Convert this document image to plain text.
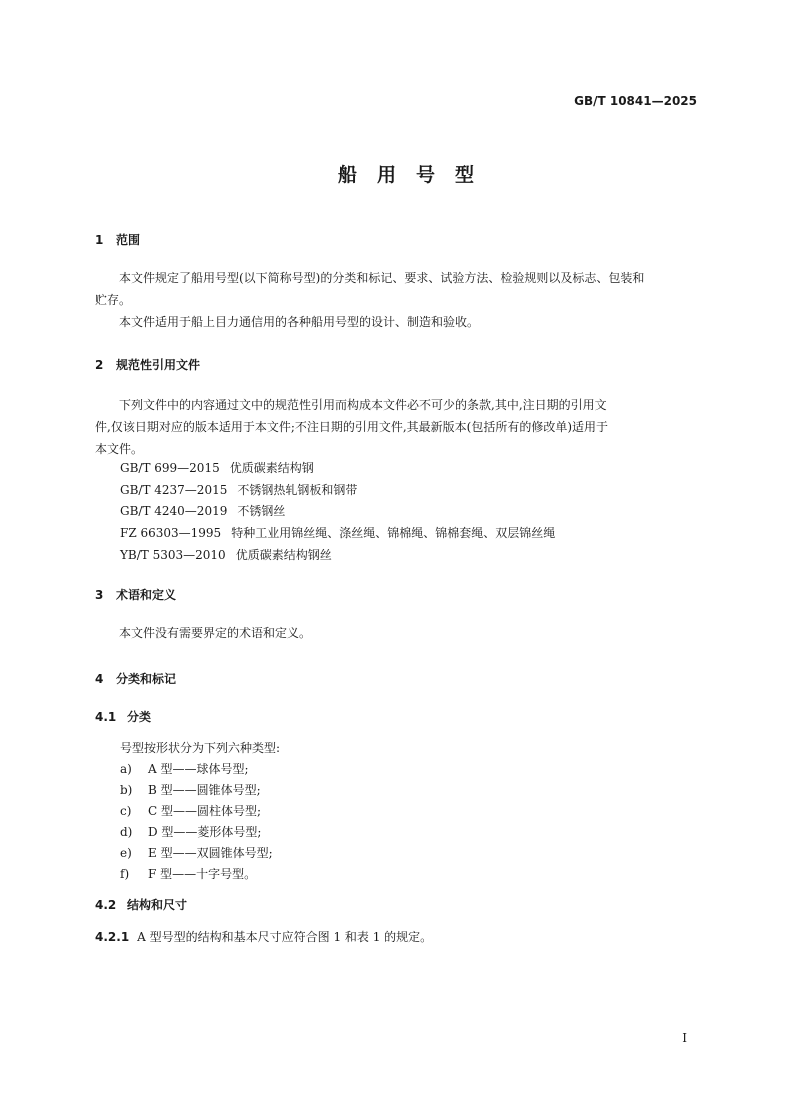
GB/T 10841—2025
船用号型
1 范围
本文件规定了船用号型(以下简称号型)的分类和标记、要求、试验方法、检验规则以及标志、包装和
贮存。
本文件适用于船上目力通信用的各种船用号型的设计、制造和验收。
2 规范性引用文件
下列文件中的内容通过文中的规范性引用而构成本文件必不可少的条款,其中,注日期的引用文
件,仅该日期对应的版本适用于本文件;不注日期的引用文件,其最新版本(包括所有的修改单)适用于
本文件。
GB/T 699—2015 优质碳素结构钢
GB/T 4237—2015 不锈钢热轧钢板和钢带
GB/T 4240—2019 不锈钢丝
FZ 66303—1995 特种工业用锦丝绳、涤丝绳、锦棉绳、锦棉套绳、双层锦丝绳
YB/T 5303—2010 优质碳素结构钢丝
3 术语和定义
本文件没有需要界定的术语和定义。
4 分类和标记
4.1 分类
号型按形状分为下列六种类型:
a) A 型——球体号型;
b) B 型——圆锥体号型;
c) C 型——圆柱体号型;
d) D 型——菱形体号型;
e) E 型——双圆锥体号型;
f) F 型——十字号型。
4.2 结构和尺寸
4.2.1 A 型号型的结构和基本尺寸应符合图 1 和表 1 的规定。
I
